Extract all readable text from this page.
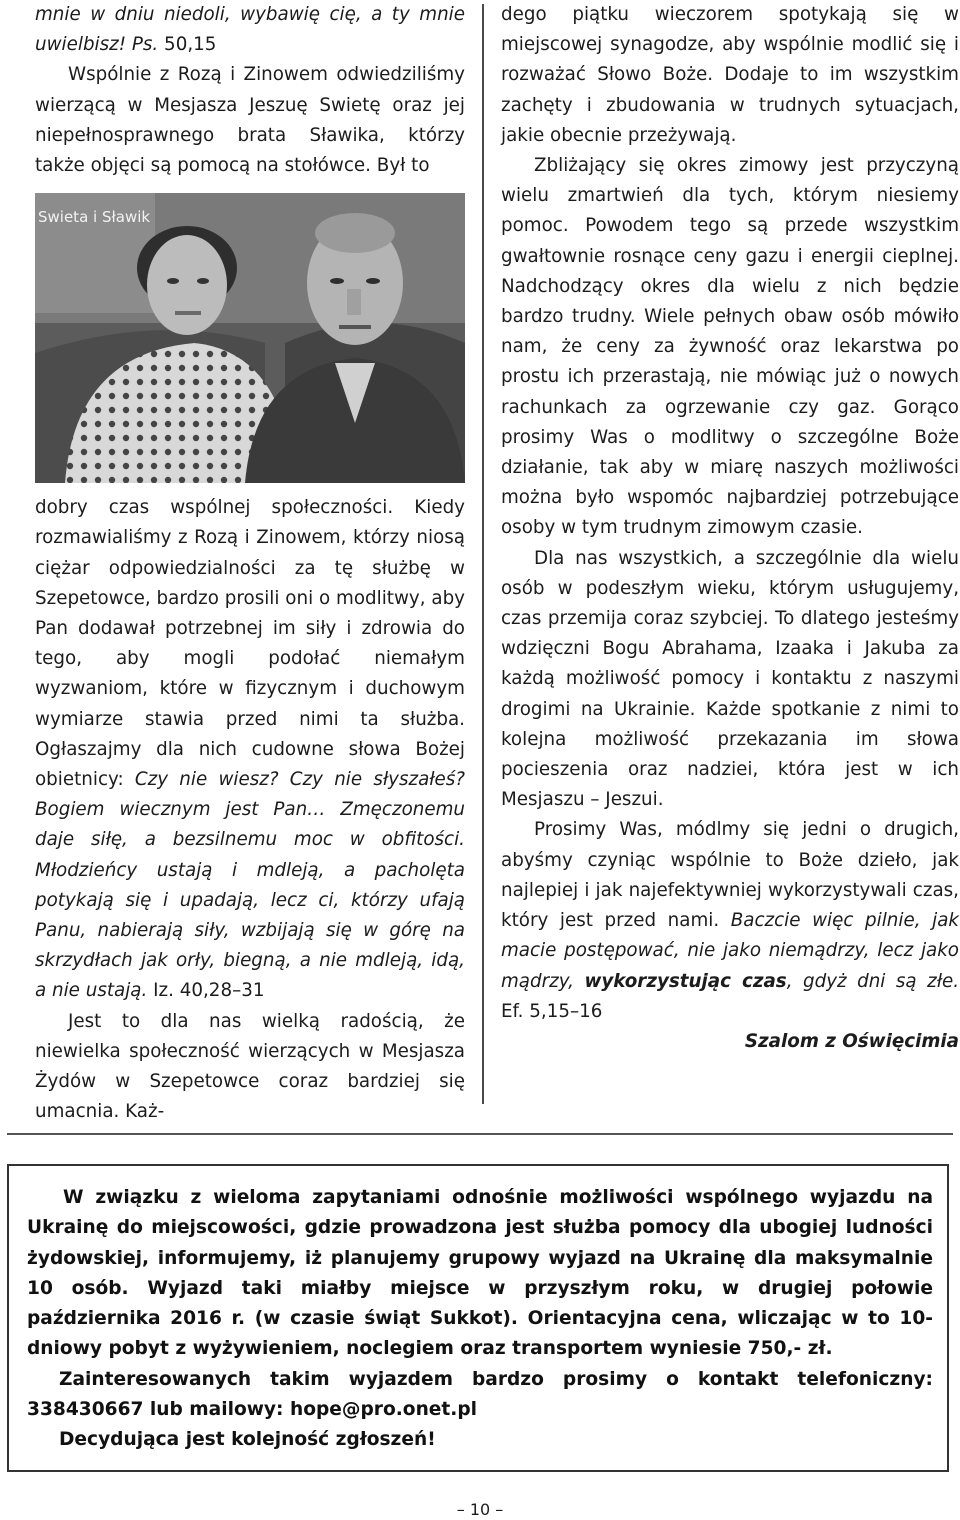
mnie w dniu niedoli, wybawię cię, a ty mnie uwielbisz! Ps. 50,15

Wspólnie z Rozą i Zinowem odwiedziliśmy wierzącą w Mesjasza Jeszuę Swietę oraz jej niepełnosprawnego brata Sławika, którzy także objęci są pomocą na stołówce. Był to

Swieta i Sławik

dobry czas wspólnej społeczności. Kiedy rozmawialiśmy z Rozą i Zinowem, którzy niosą ciężar odpowiedzialności za tę służbę w Szepetowce, bardzo prosili oni o modlitwy, aby Pan dodawał potrzebnej im siły i zdrowia do tego, aby mogli podołać niemałym wyzwaniom, które w fizycznym i duchowym wymiarze stawia przed nimi ta służba. Ogłaszajmy dla nich cudowne słowa Bożej obietnicy: Czy nie wiesz? Czy nie słyszałeś? Bogiem wiecznym jest Pan… Zmęczonemu daje siłę, a bezsilnemu moc w obfitości. Młodzieńcy ustają i mdleją, a pacholęta potykają się i upadają, lecz ci, którzy ufają Panu, nabierają siły, wzbijają się w górę na skrzydłach jak orły, biegną, a nie mdleją, idą, a nie ustają. Iz. 40,28–31

Jest to dla nas wielką radością, że niewielka społeczność wierzących w Mesjasza Żydów w Szepetowce coraz bardziej się umacnia. Każ-

dego piątku wieczorem spotykają się w miejscowej synagodze, aby wspólnie modlić się i rozważać Słowo Boże. Dodaje to im wszystkim zachęty i zbudowania w trudnych sytuacjach, jakie obecnie przeżywają.

Zbliżający się okres zimowy jest przyczyną wielu zmartwień dla tych, którym niesiemy pomoc. Powodem tego są przede wszystkim gwałtownie rosnące ceny gazu i energii cieplnej. Nadchodzący okres dla wielu z nich będzie bardzo trudny. Wiele pełnych obaw osób mówiło nam, że ceny za żywność oraz lekarstwa po prostu ich przerastają, nie mówiąc już o nowych rachunkach za ogrzewanie czy gaz. Gorąco prosimy Was o modlitwy o szczególne Boże działanie, tak aby w miarę naszych możliwości można było wspomóc najbardziej potrzebujące osoby w tym trudnym zimowym czasie.

Dla nas wszystkich, a szczególnie dla wielu osób w podeszłym wieku, którym usługujemy, czas przemija coraz szybciej. To dlatego jesteśmy wdzięczni Bogu Abrahama, Izaaka i Jakuba za każdą możliwość pomocy i kontaktu z naszymi drogimi na Ukrainie. Każde spotkanie z nimi to kolejna możliwość przekazania im słowa pocieszenia oraz nadziei, która jest w ich Mesjaszu – Jeszui.

Prosimy Was, módlmy się jedni o drugich, abyśmy czyniąc wspólnie to Boże dzieło, jak najlepiej i jak najefektywniej wykorzystywali czas, który jest przed nami. Baczcie więc pilnie, jak macie postępować, nie jako niemądrzy, lecz jako mądrzy, wykorzystując czas, gdyż dni są złe. Ef. 5,15–16

Szalom z Oświęcimia

W związku z wieloma zapytaniami odnośnie możliwości wspólnego wyjazdu na Ukrainę do miejscowości, gdzie prowadzona jest służba pomocy dla ubogiej ludności żydowskiej, informujemy, iż planujemy grupowy wyjazd na Ukrainę dla maksymalnie 10 osób. Wyjazd taki miałby miejsce w przyszłym roku, w drugiej połowie października 2016 r. (w czasie świąt Sukkot). Orientacyjna cena, wliczając w to 10-dniowy pobyt z wyżywieniem, noclegiem oraz transportem wyniesie 750,- zł.

Zainteresowanych takim wyjazdem bardzo prosimy o kontakt telefoniczny: 338430667 lub mailowy: hope@pro.onet.pl

Decydująca jest kolejność zgłoszeń!

– 10 –
